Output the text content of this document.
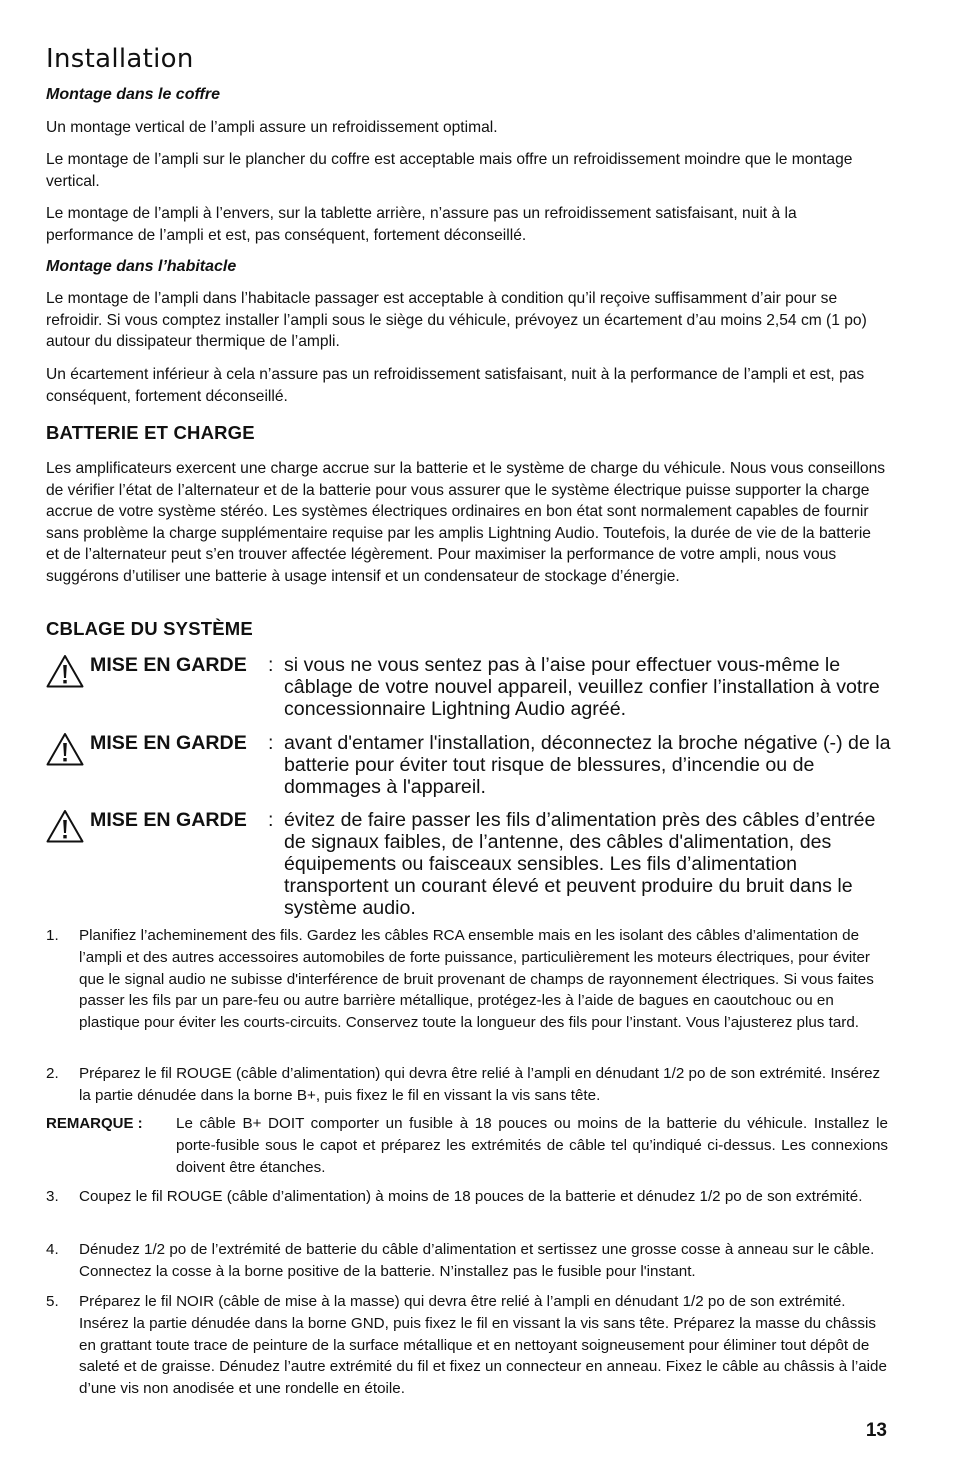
Installation
Montage dans le coffre
Un montage vertical de l’ampli assure un refroidissement optimal.
Le montage de l’ampli sur le plancher du coffre est acceptable mais offre un refroidissement moindre que le montage vertical.
Le montage de l’ampli à l’envers, sur la tablette arrière, n’assure pas un refroidissement satisfaisant, nuit à la performance de l’ampli et est, pas conséquent, fortement déconseillé.
Montage dans l’habitacle
Le montage de l’ampli dans l’habitacle passager est acceptable à condition qu’il reçoive suffisamment d’air pour se refroidir. Si vous comptez installer l’ampli sous le siège du véhicule, prévoyez un écartement d’au moins 2,54 cm (1 po) autour du dissipateur thermique de l’ampli.
Un écartement inférieur à cela n’assure pas un refroidissement satisfaisant, nuit à la performance de l’ampli et est, pas conséquent, fortement déconseillé.
BATTERIE ET CHARGE
Les amplificateurs exercent une charge accrue sur la batterie et le système de charge du véhicule. Nous vous conseillons de vérifier l’état de l’alternateur et de la batterie pour vous assurer que le système électrique puisse supporter la charge accrue de votre système stéréo. Les systèmes électriques ordinaires en bon état sont normalement capables de fournir sans problème la charge supplémentaire requise par les amplis Lightning Audio. Toutefois, la durée de vie de la batterie et de l’alternateur peut s’en trouver affectée légèrement. Pour maximiser la performance de votre ampli, nous vous suggérons d’utiliser une batterie à usage intensif et un condensateur de stockage d’énergie.
CBLAGE DU SYSTÈME
MISE EN GARDE : si vous ne vous sentez pas à l’aise pour effectuer vous-même le câblage de votre nouvel appareil, veuillez confier l’installation à votre concessionnaire Lightning Audio agréé.
MISE EN GARDE : avant d'entamer l'installation, déconnectez la broche négative (-) de la batterie pour éviter tout risque de blessures, d’incendie ou de dommages à l'appareil.
MISE EN GARDE : évitez de faire passer les fils d’alimentation près des câbles d’entrée de signaux faibles, de l’antenne, des câbles d'alimentation, des équipements ou faisceaux sensibles. Les fils d’alimentation transportent un courant élevé et peuvent produire du bruit dans le système audio.
1. Planifiez l’acheminement des fils. Gardez les câbles RCA ensemble mais en les isolant des câbles d’alimentation de l’ampli et des autres accessoires automobiles de forte puissance, particulièrement les moteurs électriques, pour éviter que le signal audio ne subisse d'interférence de bruit provenant de champs de rayonnement électriques. Si vous faites passer les fils par un pare-feu ou autre barrière métallique, protégez-les à l’aide de bagues en caoutchouc ou en plastique pour éviter les courts-circuits. Conservez toute la longueur des fils pour l’instant. Vous l’ajusterez plus tard.
2. Préparez le fil ROUGE (câble d’alimentation) qui devra être relié à l’ampli en dénudant 1/2 po de son extrémité. Insérez la partie dénudée dans la borne B+, puis fixez le fil en vissant la vis sans tête.
REMARQUE : Le câble B+ DOIT comporter un fusible à 18 pouces ou moins de la batterie du véhicule. Installez le porte-fusible sous le capot et préparez les extrémités de câble tel qu’indiqué ci-dessus. Les connexions doivent être étanches.
3. Coupez le fil ROUGE (câble d’alimentation) à moins de 18 pouces de la batterie et dénudez 1/2 po de son extrémité.
4. Dénudez 1/2 po de l’extrémité de batterie du câble d’alimentation et sertissez une grosse cosse à anneau sur le câble. Connectez la cosse à la borne positive de la batterie. N’installez pas le fusible pour l'instant.
5. Préparez le fil NOIR (câble de mise à la masse) qui devra être relié à l’ampli en dénudant 1/2 po de son extrémité. Insérez la partie dénudée dans la borne GND, puis fixez le fil en vissant la vis sans tête. Préparez la masse du châssis en grattant toute trace de peinture de la surface métallique et en nettoyant soigneusement pour éliminer tout dépôt de saleté et de graisse. Dénudez l’autre extrémité du fil et fixez un connecteur en anneau. Fixez le câble au châssis à l’aide d’une vis non anodisée et une rondelle en étoile.
13
